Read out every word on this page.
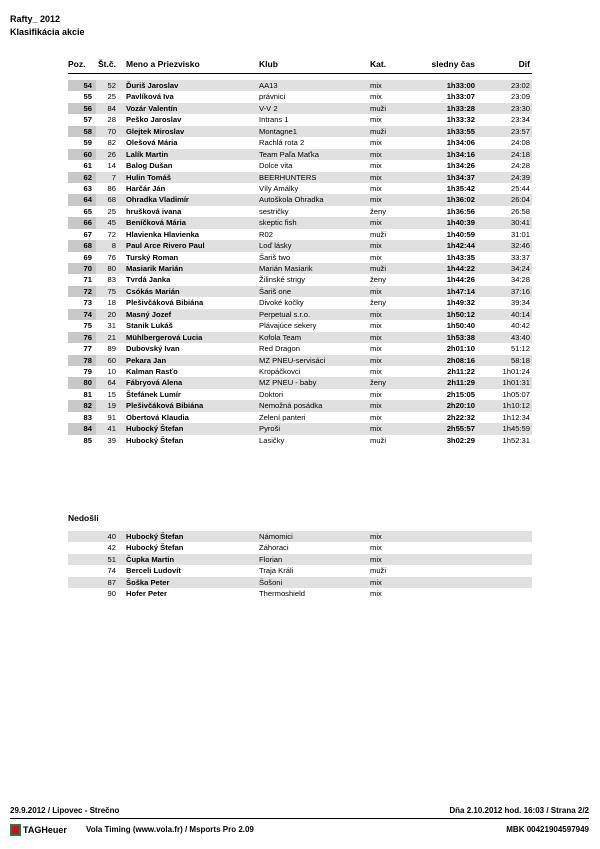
Rafty_ 2012
Klasifikácia akcie
Poz.	Št.č.	Meno a Priezvisko	Klub	Kat.	sledny čas	Dif
54	52 Ďuriš Jaroslav	AA13	mix	1h33:00	23:02
55	25 Pavlíková Iva	právnici	mix	1h33:07	23:09
56	84 Vozár Valentín	V-V 2	muži	1h33:28	23:30
57	28 Peško Jaroslav	Intrans 1	mix	1h33:32	23:34
58	70 Glejtek Miroslav	Montagne1	muži	1h33:55	23:57
59	82 Olešová Mária	Rachlá rota 2	mix	1h34:06	24:08
60	26 Lalík Martin	Team Paľa Maťka	mix	1h34:16	24:18
61	14 Balog Dušan	Dolce vita	mix	1h34:26	24:28
62	7 Hulin Tomáš	BEERHUNTERS	mix	1h34:37	24:39
63	86 Harčár Ján	Víly Amálky	mix	1h35:42	25:44
64	68 Ohradka Vladimír	Autoškola Ohradka	mix	1h36:02	26:04
65	25 hrušková ivana	sestričky	ženy	1h36:56	26:58
66	45 Beníčková Mária	skeptic fish	mix	1h40:39	30:41
67	72 Hlavienka Hlavienka	R02	muži	1h40:59	31:01
68	8 Paul Arce Rivero Paul	Loď lásky	mix	1h42:44	32:46
69	76 Turský Roman	Šariš two	mix	1h43:35	33:37
70	80 Masiarik Marián	Marián Masiarik	muži	1h44:22	34:24
71	83 Tvrdá Janka	Žilinské strigy	ženy	1h44:26	34:28
72	75 Csókás Marián	Šariš one	mix	1h47:14	37:16
73	18 Plešivčáková Bibiána	Divoké kočky	ženy	1h49:32	39:34
74	20 Masný Jozef	Perpetual s.r.o.	mix	1h50:12	40:14
75	31 Stanik Lukáš	Plávajúce sekery	mix	1h50:40	40:42
76	21 Mühlbergerová Lucia	Kofola Team	mix	1h53:38	43:40
77	89 Dubovský Ivan	Red Dragon	mix	2h01:10	51:12
78	60 Pekara Jan	MZ PNEU-servisáci	mix	2h08:16	58:18
79	10 Kalman Rasťo	Kropáčkovci	mix	2h11:22	1h01:24
80	64 Fábryová Alena	MZ PNEU - baby	ženy	2h11:29	1h01:31
81	15 Štefánek Lumír	Doktori	mix	2h15:05	1h05:07
82	19 Plešivčáková Bibiána	Nemožná posádka	mix	2h20:10	1h10:12
83	91 Obertová Klaudia	Zelení panteri	mix	2h22:32	1h12:34
84	41 Hubocký Štefan	Pyroši	mix	2h55:57	1h45:59
85	39 Hubocký Štefan	Lasičky	muži	3h02:29	1h52:31
Nedošli
40 Hubocký Štefan	Námomici	mix
42 Hubocký Štefan	Záhoraci	mix
51 Čupka Martin	Florian	mix
74 Berceli Ludovít	Traja Králi	muži
87 Šoška Peter	Šošoni	mix
90 Hofer Peter	Thermoshield	mix
29.9.2012 / Lipovec - Strečno	Dňa 2.10.2012 hod. 16:03 / Strana 2/2
TAGHeuer Vola Timing (www.vola.fr) / Msports Pro 2.09	MBK 00421904597949
